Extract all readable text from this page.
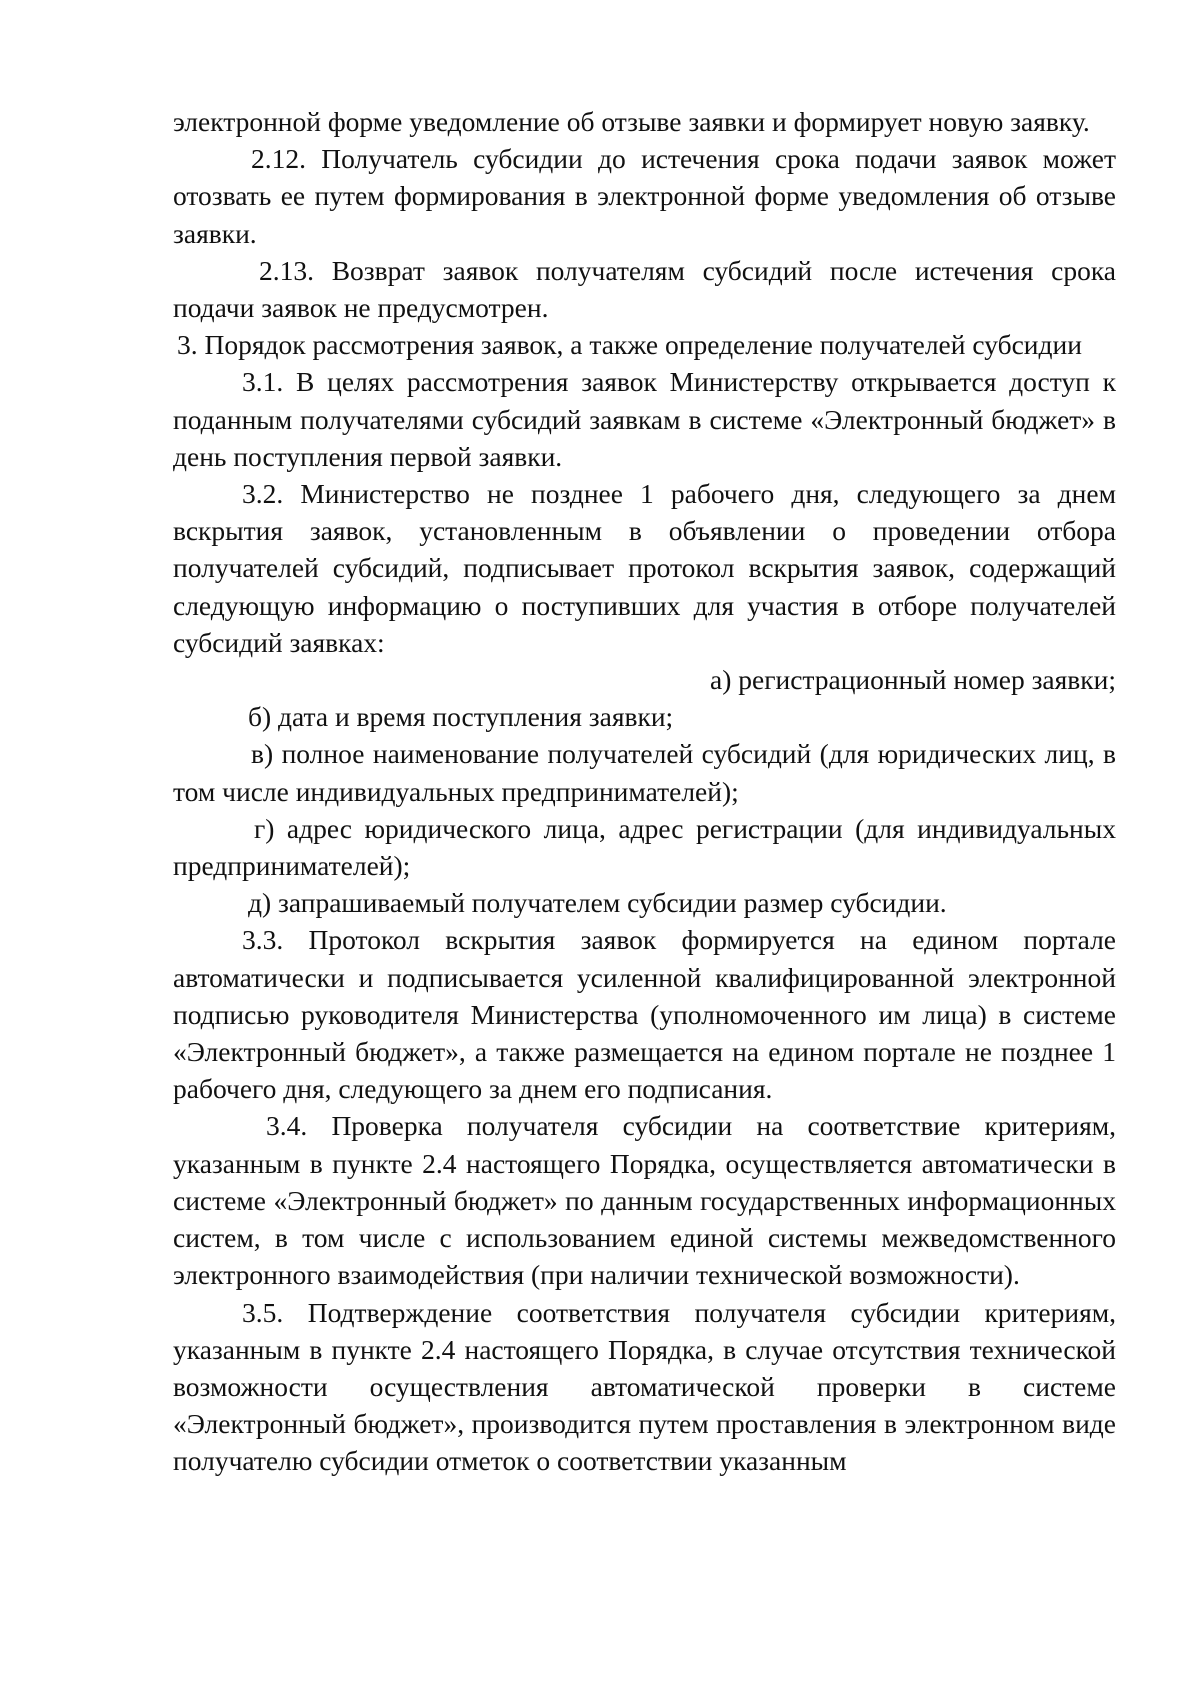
электронной форме уведомление об отзыве заявки и формирует новую заявку.

2.12. Получатель субсидии до истечения срока подачи заявок может отозвать ее путем формирования в электронной форме уведомления об отзыве заявки.

2.13. Возврат заявок получателям субсидий после истечения срока подачи заявок не предусмотрен.

3. Порядок рассмотрения заявок, а также определение получателей субсидии

3.1. В целях рассмотрения заявок Министерству открывается доступ к поданным получателями субсидий заявкам в системе «Электронный бюджет» в день поступления первой заявки.

3.2. Министерство не позднее 1 рабочего дня, следующего за днем вскрытия заявок, установленным в объявлении о проведении отбора получателей субсидий, подписывает протокол вскрытия заявок, содержащий следующую информацию о поступивших для участия в отборе получателей субсидий заявках:

а) регистрационный номер заявки;

б) дата и время поступления заявки;

в) полное наименование получателей субсидий (для юридических лиц, в том числе индивидуальных предпринимателей);

г) адрес юридического лица, адрес регистрации (для индивидуальных предпринимателей);

д) запрашиваемый получателем субсидии размер субсидии.

3.3. Протокол вскрытия заявок формируется на едином портале автоматически и подписывается усиленной квалифицированной электронной подписью руководителя Министерства (уполномоченного им лица) в системе «Электронный бюджет», а также размещается на едином портале не позднее 1 рабочего дня, следующего за днем его подписания.

3.4. Проверка получателя субсидии на соответствие критериям, указанным в пункте 2.4 настоящего Порядка, осуществляется автоматически в системе «Электронный бюджет» по данным государственных информационных систем, в том числе с использованием единой системы межведомственного электронного взаимодействия (при наличии технической возможности).

3.5. Подтверждение соответствия получателя субсидии критериям, указанным в пункте 2.4 настоящего Порядка, в случае отсутствия технической возможности осуществления автоматической проверки в системе «Электронный бюджет», производится путем проставления в электронном виде получателю субсидии отметок о соответствии указанным
